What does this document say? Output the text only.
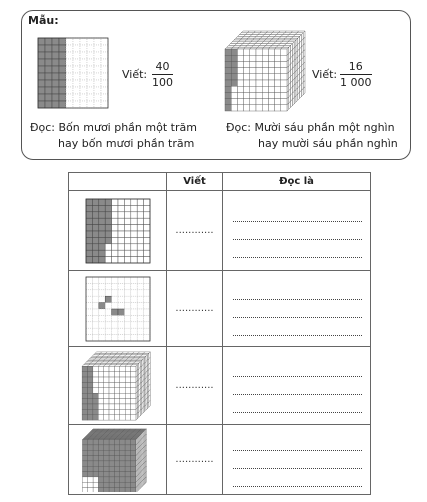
Mẫu:
Viết:
40
100
Đọc: Bốn mươi phần một trăm
hay bốn mươi phần trăm
Viết:
16
1 000
Đọc: Mười sáu phần một nghìn
hay mười sáu phần nghìn
	Viết	Đọc là

	............	

	............	

	............	

	............	
